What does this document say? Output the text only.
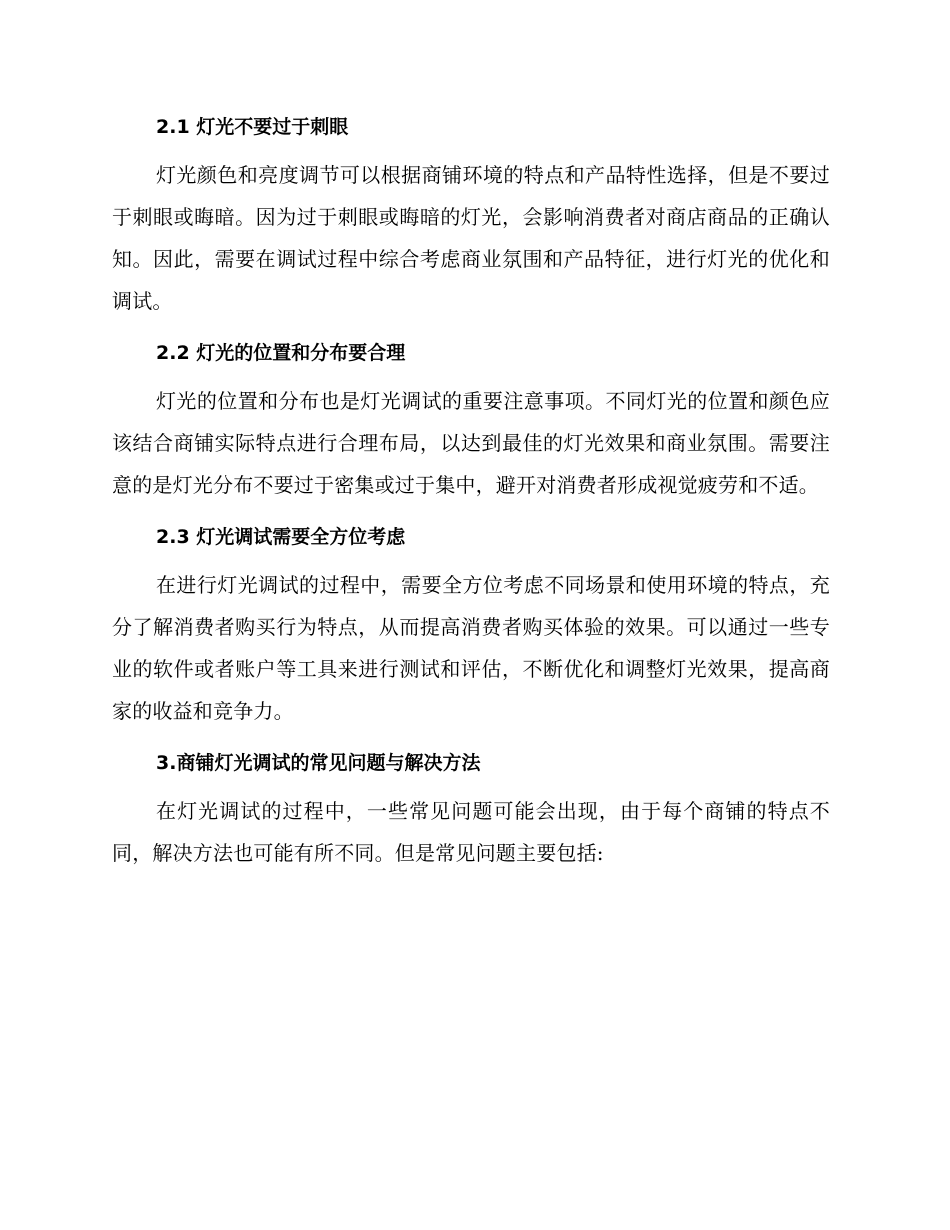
2.1 灯光不要过于刺眼

灯光颜色和亮度调节可以根据商铺环境的特点和产品特性选择，但是不要过于刺眼或晦暗。因为过于刺眼或晦暗的灯光，会影响消费者对商店商品的正确认知。因此，需要在调试过程中综合考虑商业氛围和产品特征，进行灯光的优化和调试。

2.2 灯光的位置和分布要合理

灯光的位置和分布也是灯光调试的重要注意事项。不同灯光的位置和颜色应该结合商铺实际特点进行合理布局，以达到最佳的灯光效果和商业氛围。需要注意的是灯光分布不要过于密集或过于集中，避开对消费者形成视觉疲劳和不适。

2.3 灯光调试需要全方位考虑

在进行灯光调试的过程中，需要全方位考虑不同场景和使用环境的特点，充分了解消费者购买行为特点，从而提高消费者购买体验的效果。可以通过一些专业的软件或者账户等工具来进行测试和评估，不断优化和调整灯光效果，提高商家的收益和竞争力。

3.商铺灯光调试的常见问题与解决方法

在灯光调试的过程中，一些常见问题可能会出现，由于每个商铺的特点不同，解决方法也可能有所不同。但是常见问题主要包括:
